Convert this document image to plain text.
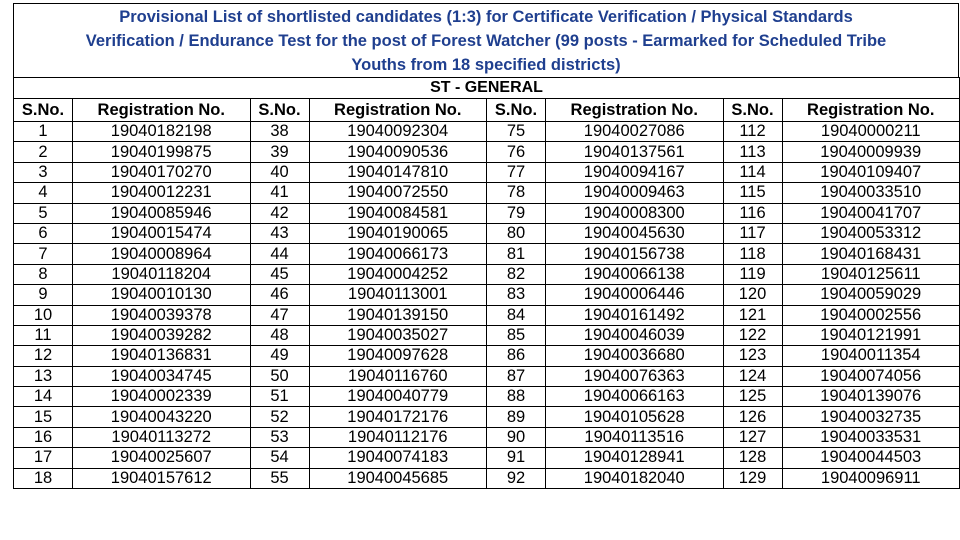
Provisional List of shortlisted candidates (1:3) for Certificate Verification / Physical Standards
Verification / Endurance Test for the post of Forest Watcher (99 posts - Earmarked for Scheduled Tribe
Youths from 18 specified districts)
ST - GENERAL							
S.No.	Registration No.	S.No.	Registration No.	S.No.	Registration No.	S.No.	Registration No.
1	19040182198	38	19040092304	75	19040027086	112	19040000211
2	19040199875	39	19040090536	76	19040137561	113	19040009939
3	19040170270	40	19040147810	77	19040094167	114	19040109407
4	19040012231	41	19040072550	78	19040009463	115	19040033510
5	19040085946	42	19040084581	79	19040008300	116	19040041707
6	19040015474	43	19040190065	80	19040045630	117	19040053312
7	19040008964	44	19040066173	81	19040156738	118	19040168431
8	19040118204	45	19040004252	82	19040066138	119	19040125611
9	19040010130	46	19040113001	83	19040006446	120	19040059029
10	19040039378	47	19040139150	84	19040161492	121	19040002556
11	19040039282	48	19040035027	85	19040046039	122	19040121991
12	19040136831	49	19040097628	86	19040036680	123	19040011354
13	19040034745	50	19040116760	87	19040076363	124	19040074056
14	19040002339	51	19040040779	88	19040066163	125	19040139076
15	19040043220	52	19040172176	89	19040105628	126	19040032735
16	19040113272	53	19040112176	90	19040113516	127	19040033531
17	19040025607	54	19040074183	91	19040128941	128	19040044503
18	19040157612	55	19040045685	92	19040182040	129	19040096911
